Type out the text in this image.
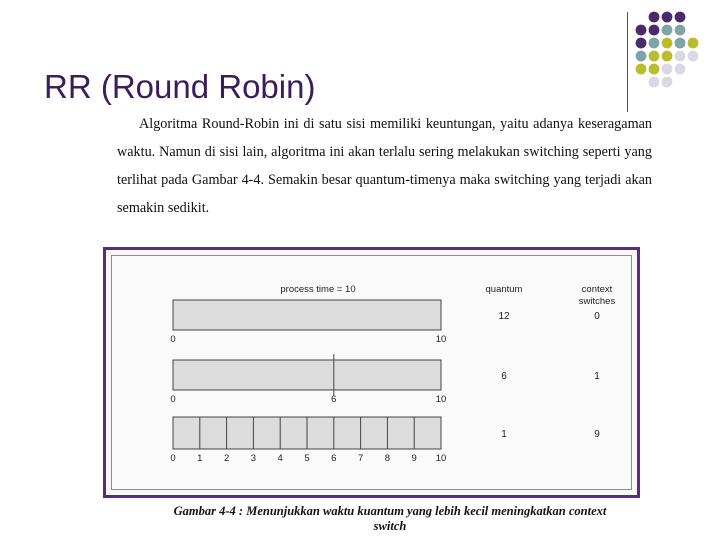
RR (Round Robin)
Algoritma Round-Robin ini di satu sisi memiliki keuntungan, yaitu adanya keseragaman waktu. Namun di sisi lain, algoritma ini akan terlalu sering melakukan switching seperti yang terlihat pada Gambar 4-4. Semakin besar quantum-timenya maka switching yang terjadi akan semakin sedikit.
process time = 10	quantum	context
switches
0	10
12	0
0	6	10
6	1
0 1 2 3 4 5 6 7 8 9 10
1	9
Gambar 4-4 : Menunjukkan waktu kuantum yang lebih kecil meningkatkan context switch
